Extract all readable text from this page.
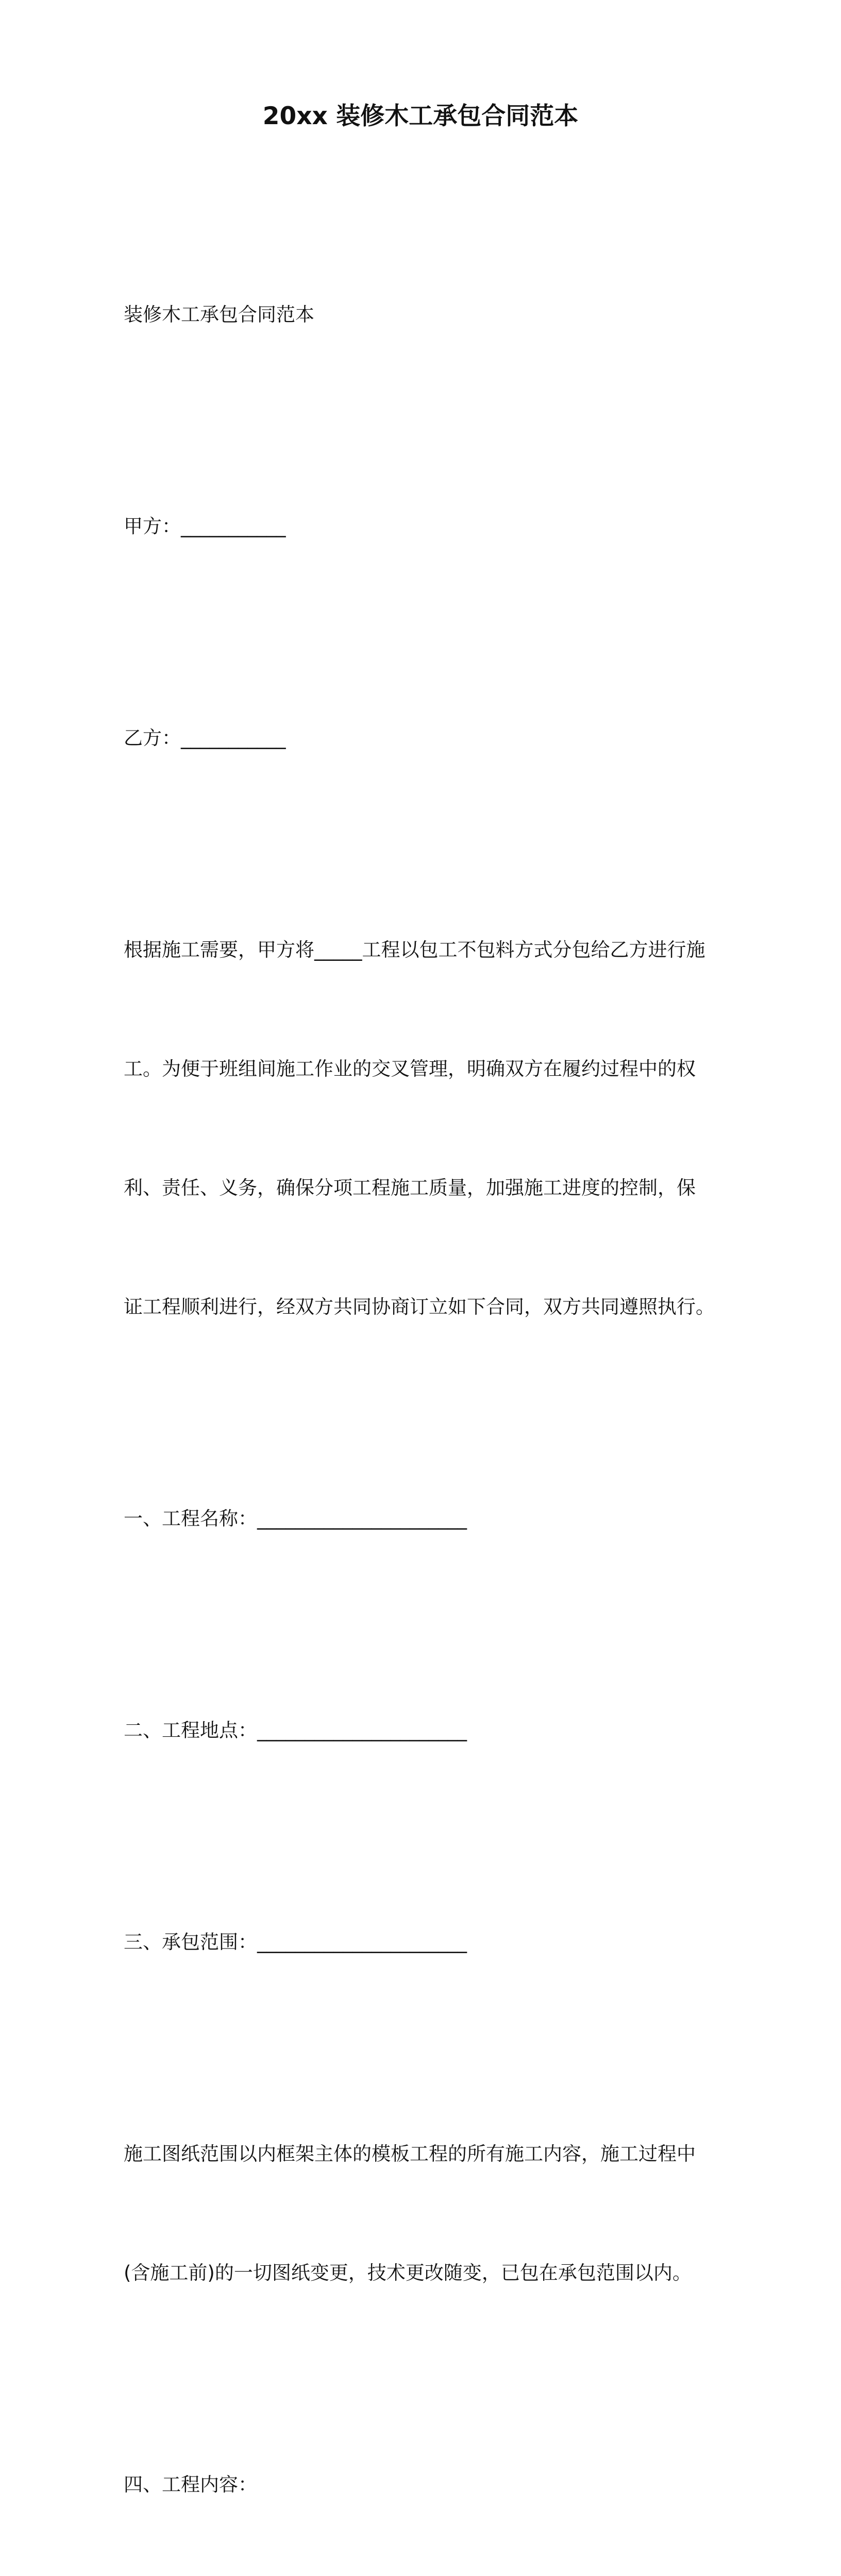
20xx 装修木工承包合同范本

装修木工承包合同范本

甲方：___________

乙方：___________

根据施工需要，甲方将_____工程以包工不包料方式分包给乙方进行施

工。为便于班组间施工作业的交叉管理，明确双方在履约过程中的权

利、责任、义务，确保分项工程施工质量，加强施工进度的控制，保

证工程顺利进行，经双方共同协商订立如下合同，双方共同遵照执行。

一、工程名称：______________________

二、工程地点：______________________

三、承包范围：______________________

施工图纸范围以内框架主体的模板工程的所有施工内容，施工过程中

(含施工前)的一切图纸变更，技术更改随变，已包在承包范围以内。

四、工程内容：
